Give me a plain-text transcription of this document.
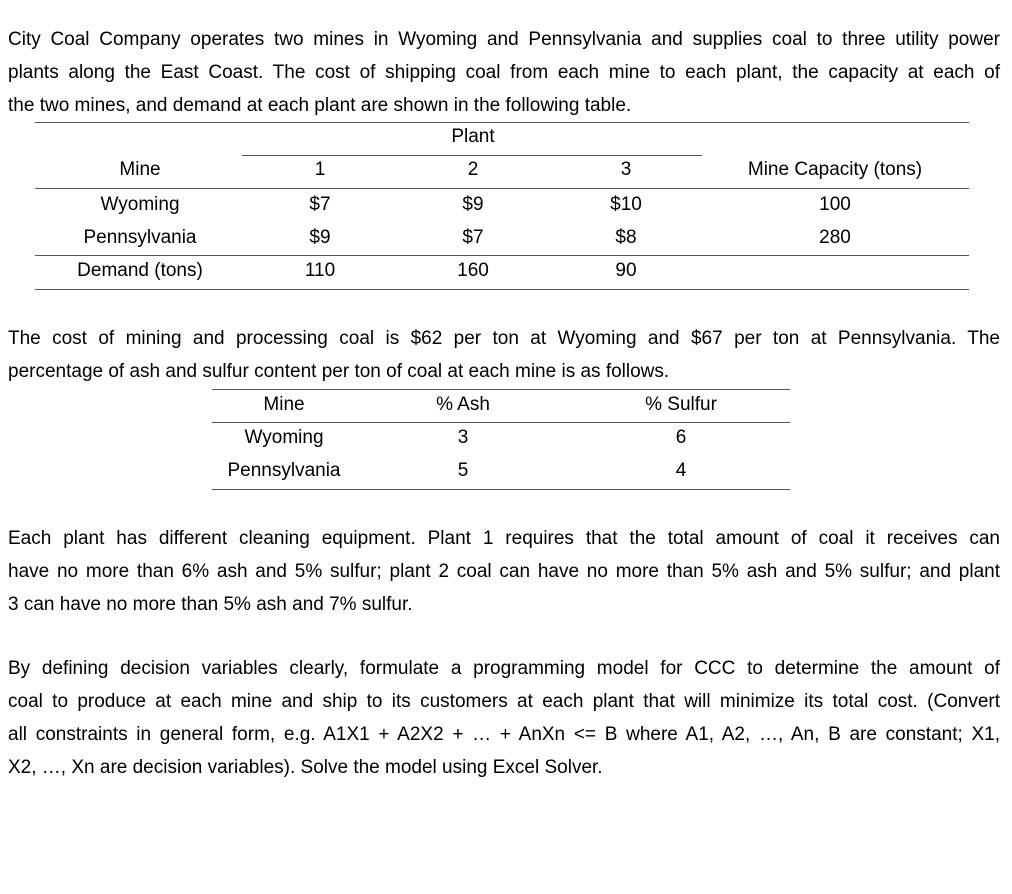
City Coal Company operates two mines in Wyoming and Pennsylvania and supplies coal to three utility power
plants along the East Coast. The cost of shipping coal from each mine to each plant, the capacity at each of
the two mines, and demand at each plant are shown in the following table.
Plant
Mine	1	2	3	Mine Capacity (tons)
Wyoming	$7	$9	$10	100
Pennsylvania	$9	$7	$8	280
Demand (tons)	110	160	90
The cost of mining and processing coal is $62 per ton at Wyoming and $67 per ton at Pennsylvania. The
percentage of ash and sulfur content per ton of coal at each mine is as follows.
Mine	% Ash	% Sulfur
Wyoming	3	6
Pennsylvania	5	4
Each plant has different cleaning equipment. Plant 1 requires that the total amount of coal it receives can
have no more than 6% ash and 5% sulfur; plant 2 coal can have no more than 5% ash and 5% sulfur; and plant
3 can have no more than 5% ash and 7% sulfur.
By defining decision variables clearly, formulate a programming model for CCC to determine the amount of
coal to produce at each mine and ship to its customers at each plant that will minimize its total cost. (Convert
all constraints in general form, e.g. A1X1 + A2X2 + … + AnXn <= B where A1, A2, …, An, B are constant; X1,
X2, …, Xn are decision variables). Solve the model using Excel Solver.
